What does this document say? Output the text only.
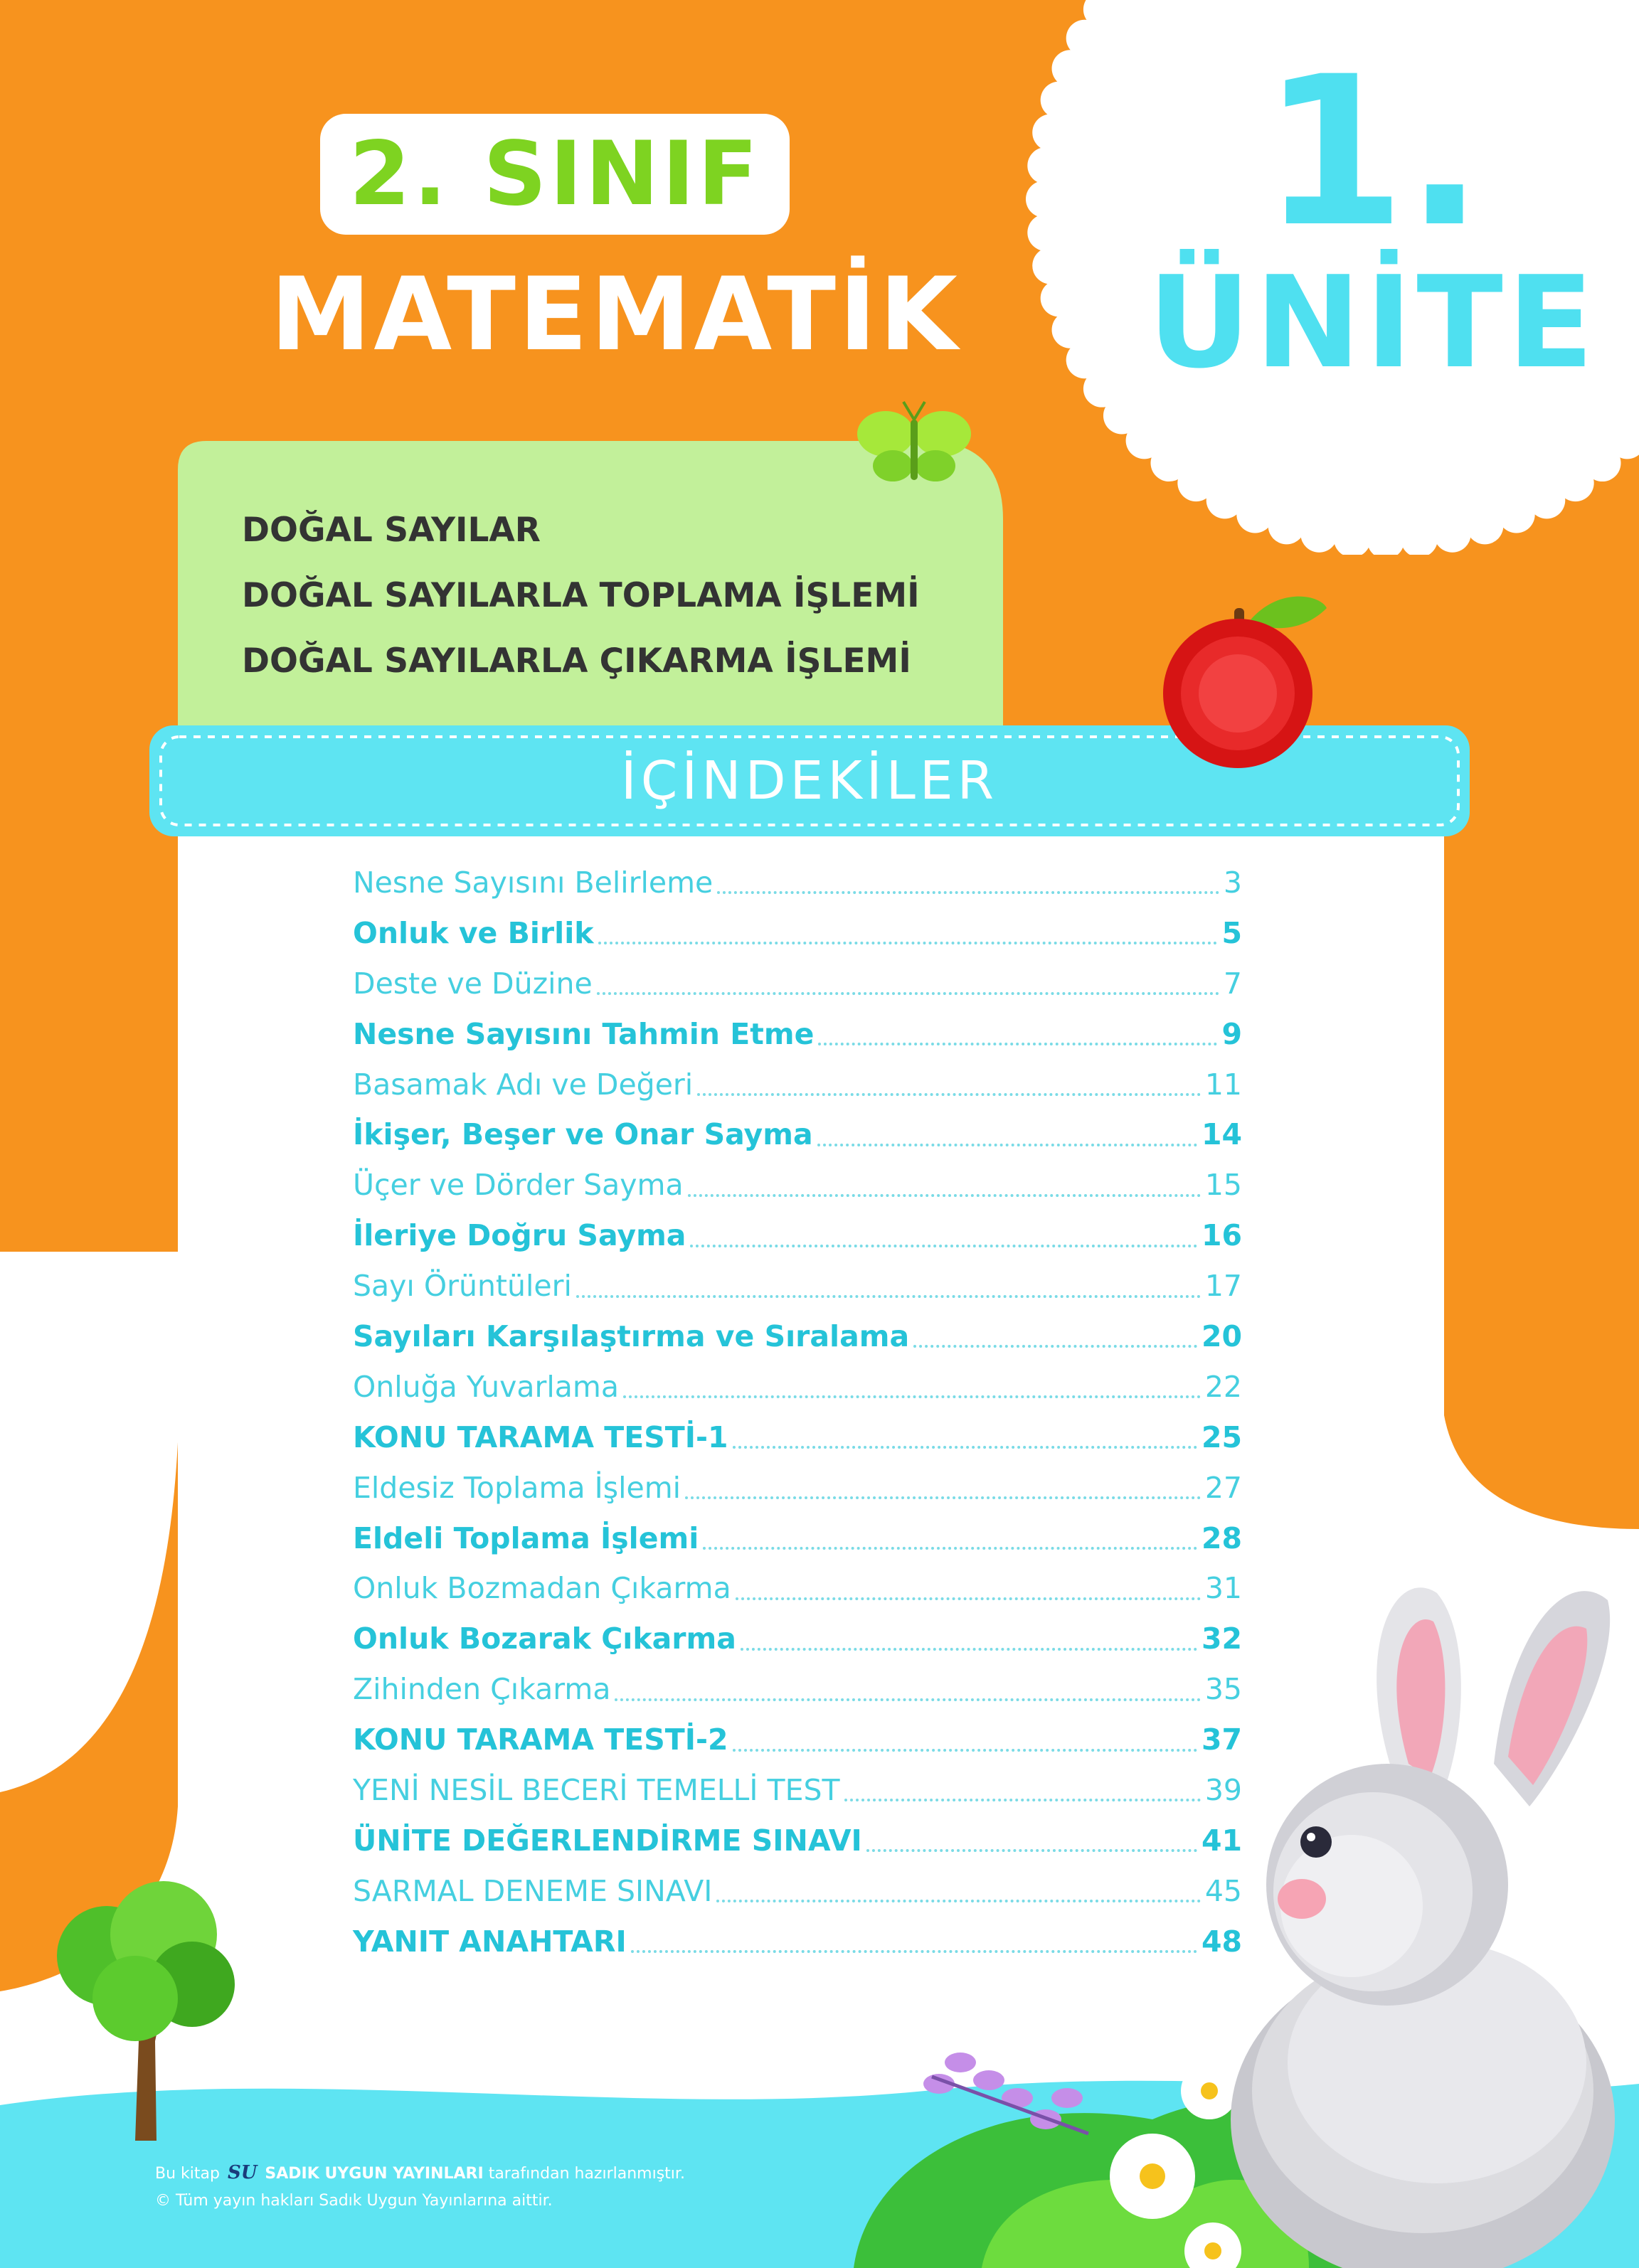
2. SINIF
MATEMATİK
1.
ÜNİTE
DOĞAL SAYILAR
DOĞAL SAYILARLA TOPLAMA İŞLEMİ
DOĞAL SAYILARLA ÇIKARMA İŞLEMİ
İÇİNDEKİLER
Nesne Sayısını Belirleme	3
Onluk ve Birlik	5
Deste ve Düzine	7
Nesne Sayısını Tahmin Etme	9
Basamak Adı ve Değeri	11
İkişer, Beşer ve Onar Sayma	14
Üçer ve Dörder Sayma	15
İleriye Doğru Sayma	16
Sayı Örüntüleri	17
Sayıları Karşılaştırma ve Sıralama	20
Onluğa Yuvarlama	22
KONU TARAMA TESTİ-1	25
Eldesiz Toplama İşlemi	27
Eldeli Toplama İşlemi	28
Onluk Bozmadan Çıkarma	31
Onluk Bozarak Çıkarma	32
Zihinden Çıkarma	35
KONU TARAMA TESTİ-2	37
YENİ NESİL BECERİ TEMELLİ TEST	39
ÜNİTE DEĞERLENDİRME SINAVI	41
SARMAL DENEME SINAVI	45
YANIT ANAHTARI	48
Bu kitap SU SADIK UYGUN YAYINLARI tarafından hazırlanmıştır.
© Tüm yayın hakları Sadık Uygun Yayınlarına aittir.
